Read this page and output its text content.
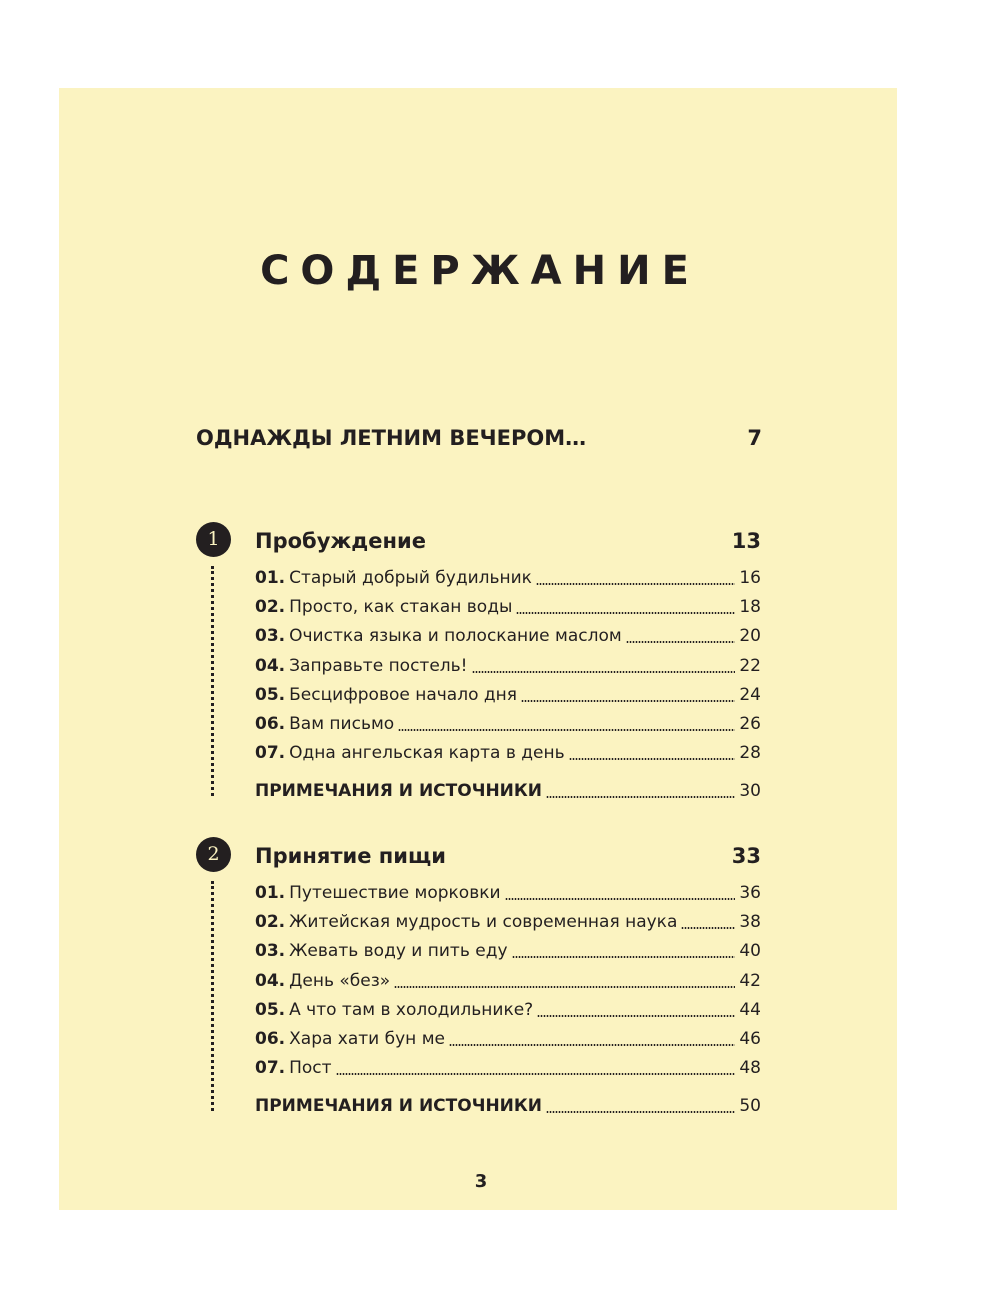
СОДЕРЖАНИЕ
ОДНАЖДЫ ЛЕТНИМ ВЕЧЕРОМ…	7
1	Пробуждение	13
01. Старый добрый будильник	16
02. Просто, как стакан воды	18
03. Очистка языка и полоскание маслом	20
04. Заправьте постель!	22
05. Бесцифровое начало дня	24
06. Вам письмо	26
07. Одна ангельская карта в день	28
ПРИМЕЧАНИЯ И ИСТОЧНИКИ	30
2	Принятие пищи	33
01. Путешествие морковки	36
02. Житейская мудрость и современная наука	38
03. Жевать воду и пить еду	40
04. День «без»	42
05. А что там в холодильнике?	44
06. Хара хати бун ме	46
07. Пост	48
ПРИМЕЧАНИЯ И ИСТОЧНИКИ	50
3
